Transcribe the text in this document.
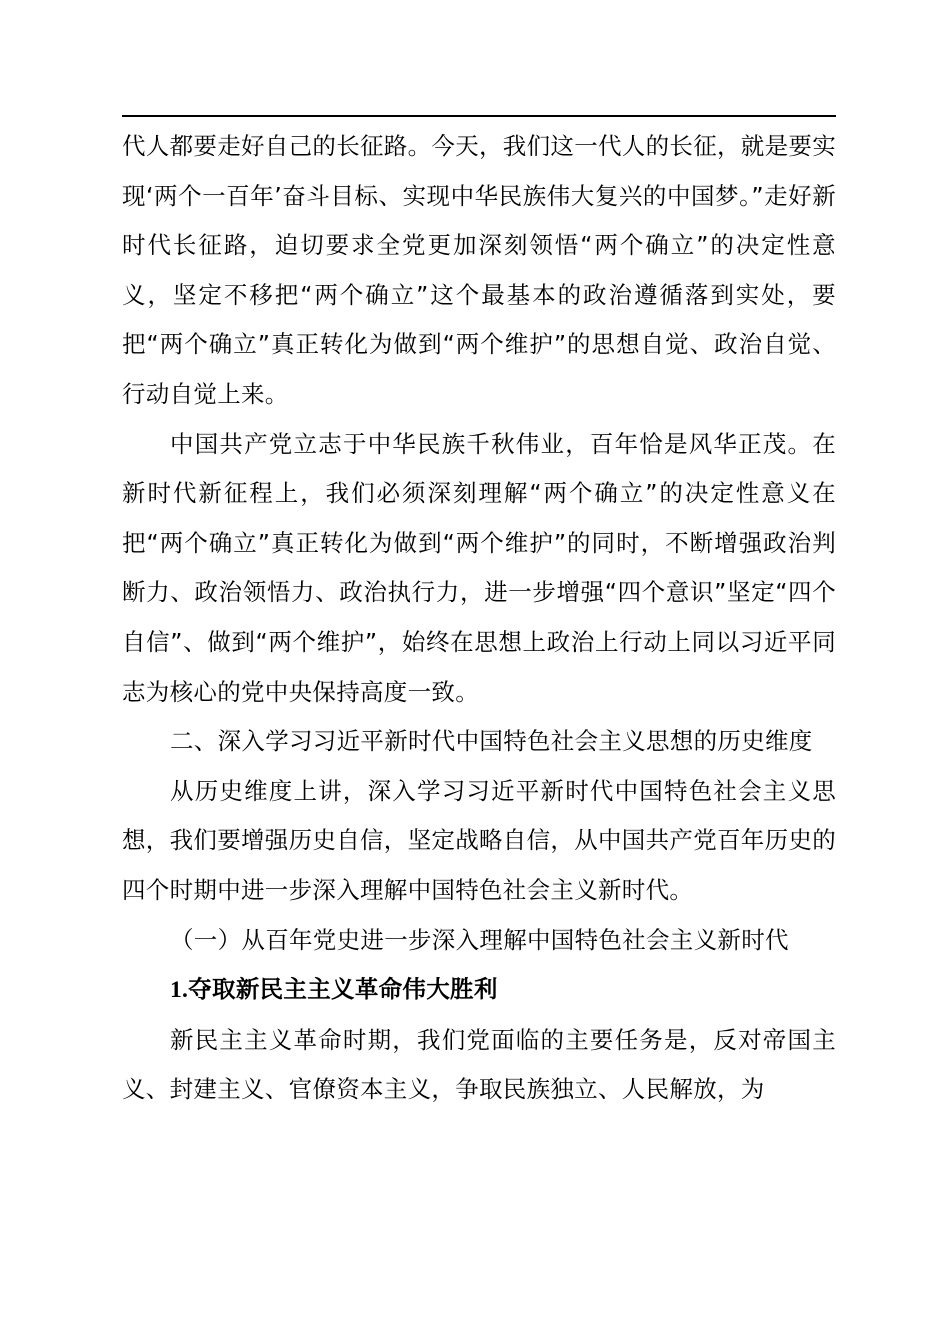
代人都要走好自己的长征路。今天，我们这一代人的长征，就是要实现‘两个一百年’奋斗目标、实现中华民族伟大复兴的中国梦。”走好新时代长征路，迫切要求全党更加深刻领悟“两个确立”的决定性意义，坚定不移把“两个确立”这个最基本的政治遵循落到实处，要把“两个确立”真正转化为做到“两个维护”的思想自觉、政治自觉、行动自觉上来。

中国共产党立志于中华民族千秋伟业，百年恰是风华正茂。在新时代新征程上，我们必须深刻理解“两个确立”的决定性意义在把“两个确立”真正转化为做到“两个维护”的同时，不断增强政治判断力、政治领悟力、政治执行力，进一步增强“四个意识”坚定“四个自信”、做到“两个维护”，始终在思想上政治上行动上同以习近平同志为核心的党中央保持高度一致。

二、深入学习习近平新时代中国特色社会主义思想的历史维度

从历史维度上讲，深入学习习近平新时代中国特色社会主义思想，我们要增强历史自信，坚定战略自信，从中国共产党百年历史的四个时期中进一步深入理解中国特色社会主义新时代。

（一）从百年党史进一步深入理解中国特色社会主义新时代

1.夺取新民主主义革命伟大胜利

新民主主义革命时期，我们党面临的主要任务是，反对帝国主义、封建主义、官僚资本主义，争取民族独立、人民解放，为
